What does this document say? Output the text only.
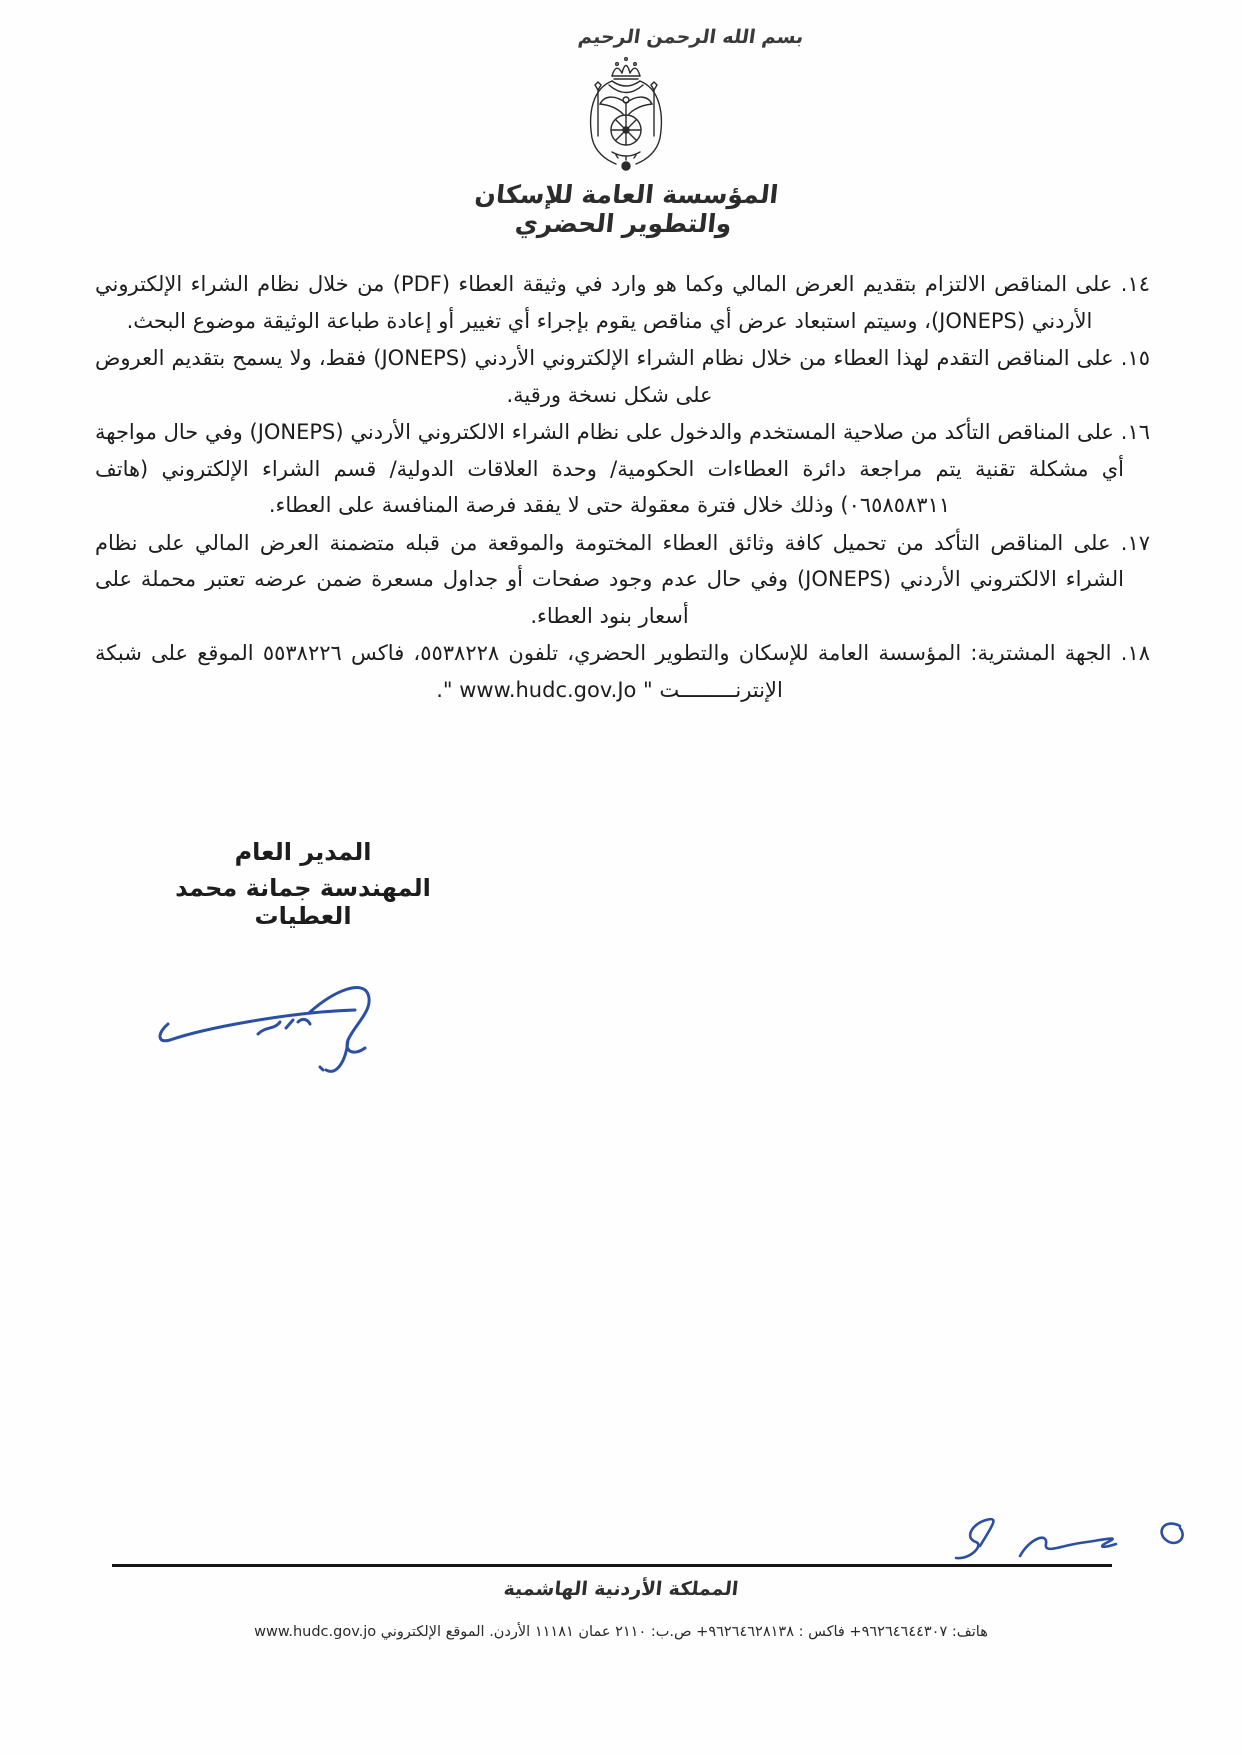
بسم الله الرحمن الرحيم
المؤسسة العامة للإسكان والتطوير الحضري

١٤. على المناقص الالتزام بتقديم العرض المالي وكما هو وارد في وثيقة العطاء (PDF) من خلال نظام الشراء الإلكتروني الأردني (JONEPS)، وسيتم استبعاد عرض أي مناقص يقوم بإجراء أي تغيير أو إعادة طباعة الوثيقة موضوع البحث.

١٥. على المناقص التقدم لهذا العطاء من خلال نظام الشراء الإلكتروني الأردني (JONEPS) فقط، ولا يسمح بتقديم العروض على شكل نسخة ورقية.

١٦. على المناقص التأكد من صلاحية المستخدم والدخول على نظام الشراء الالكتروني الأردني (JONEPS) وفي حال مواجهة أي مشكلة تقنية يتم مراجعة دائرة العطاءات الحكومية/ وحدة العلاقات الدولية/ قسم الشراء الإلكتروني (هاتف ٠٦٥٨٥٨٣١١) وذلك خلال فترة معقولة حتى لا يفقد فرصة المنافسة على العطاء.

١٧. على المناقص التأكد من تحميل كافة وثائق العطاء المختومة والموقعة من قبله متضمنة العرض المالي على نظام الشراء الالكتروني الأردني (JONEPS) وفي حال عدم وجود صفحات أو جداول مسعرة ضمن عرضه تعتبر محملة على أسعار بنود العطاء.

١٨. الجهة المشترية: المؤسسة العامة للإسكان والتطوير الحضري، تلفون ٥٥٣٨٢٢٨، فاكس ٥٥٣٨٢٢٦ الموقع على شبكة الإنترنـــــــــت " www.hudc.gov.Jo ".

المدير العام
المهندسة جمانة محمد العطيات
المملكة الأردنية الهاشمية
هاتف: ٩٦٢٦٤٦٤٤٣٠٧+ فاكس : ٩٦٢٦٤٦٢٨١٣٨+ ص.ب: ٢١١٠ عمان ١١١٨١ الأردن. الموقع الإلكتروني www.hudc.gov.jo
